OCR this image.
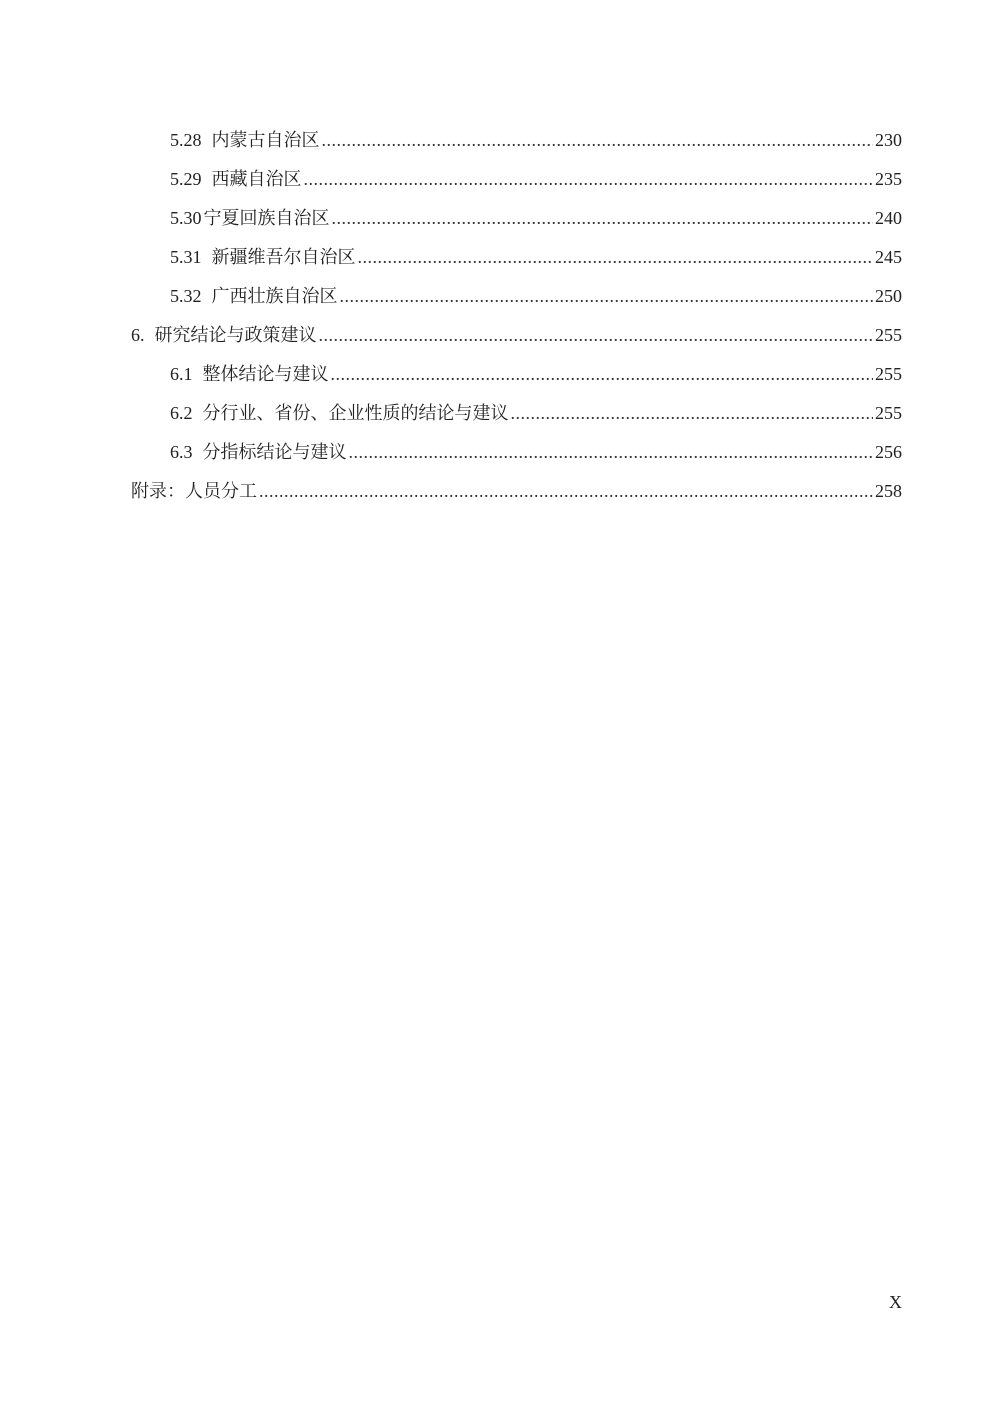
5.28 内蒙古自治区 .....	230
5.29 西藏自治区 .....	235
5.30 宁夏回族自治区 .....	240
5.31 新疆维吾尔自治区 .....	245
5.32 广西壮族自治区 .....	250
6. 研究结论与政策建议 .....	255
6.1 整体结论与建议 .....	255
6.2 分行业、省份、企业性质的结论与建议 .....	255
6.3 分指标结论与建议 .....	256
附录：人员分工 .....	258
X
